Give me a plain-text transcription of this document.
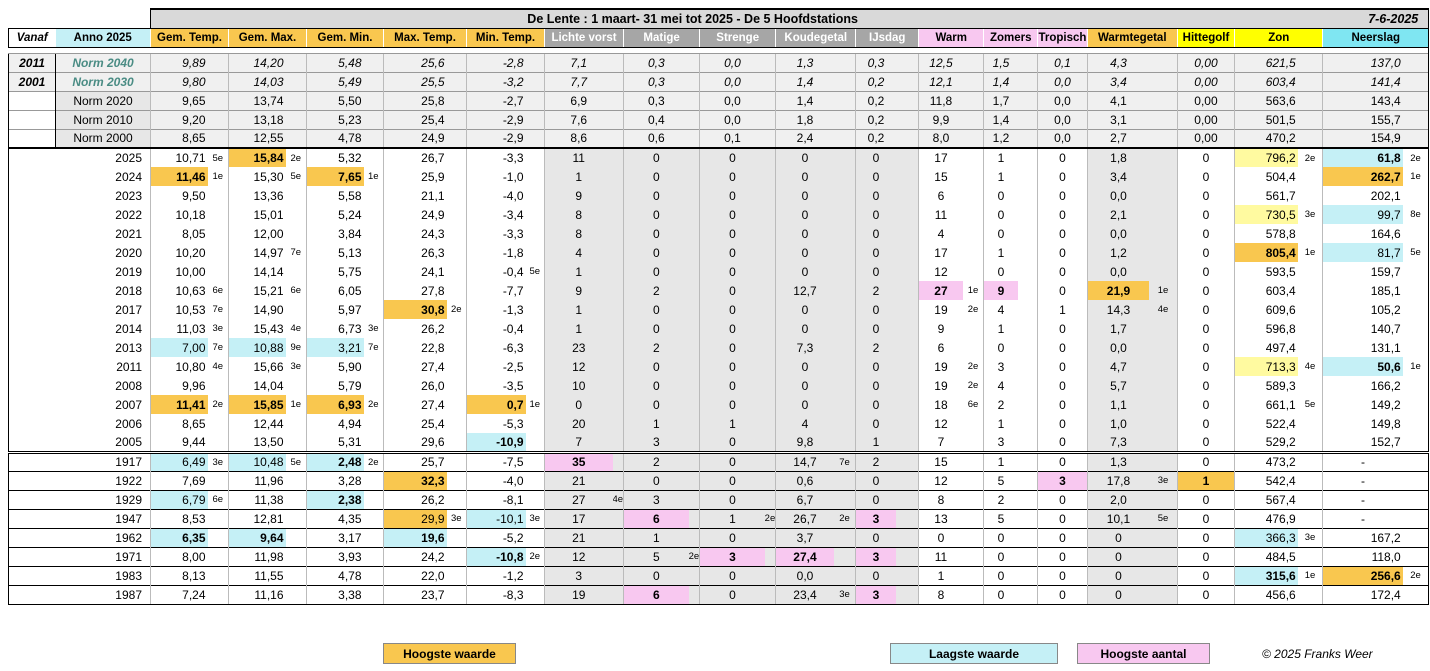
		De Lente : 1 maart- 31 mei tot 2025 - De 5 Hoofdstations																												7-6-2025			
Vanaf	Anno 2025	Gem. Temp.		Gem. Max.		Gem. Min.		Max. Temp.		Min. Temp.		Lichte vorst		Matige		Strenge		Koudegetal		IJsdag		Warm		Zomers		Tropisch	Warmtegetal		Hittegolf	Zon		Neerslag	

2011	Norm 2040	9,89		14,20		5,48		25,6		-2,8		7,1		0,3		0,0		1,3		0,3		12,5		1,5		0,1		4,3		0,00		621,5		137,0	
2001	Norm 2030	9,80		14,03		5,49		25,5		-3,2		7,7		0,3		0,0		1,4		0,2		12,1		1,4		0,0		3,4		0,00		603,4		141,4	
	Norm 2020	9,65		13,74		5,50		25,8		-2,7		6,9		0,3		0,0		1,4		0,2		11,8		1,7		0,0		4,1		0,00		563,6		143,4	
	Norm 2010	9,20		13,18		5,23		25,4		-2,9		7,6		0,4		0,0		1,8		0,2		9,9		1,4		0,0		3,1		0,00		501,5		155,7	
	Norm 2000	8,65		12,55		4,78		24,9		-2,9		8,6		0,6		0,1		2,4		0,2		8,0		1,2		0,0		2,7		0,00		470,2		154,9	
	2025	10,71	5e	15,84	2e	5,32		26,7		-3,3		11		0		0		0		0		17		1		0		1,8		0		796,2	2e	61,8	2e
	2024	11,46	1e	15,30	5e	7,65	1e	25,9		-1,0		1		0		0		0		0		15		1		0		3,4		0		504,4		262,7	1e
	2023	9,50		13,36		5,58		21,1		-4,0		9		0		0		0		0		6		0		0		0,0		0		561,7		202,1	
	2022	10,18		15,01		5,24		24,9		-3,4		8		0		0		0		0		11		0		0		2,1		0		730,5	3e	99,7	8e
	2021	8,05		12,00		3,84		24,3		-3,3		8		0		0		0		0		4		0		0		0,0		0		578,8		164,6	
	2020	10,20		14,97	7e	5,13		26,3		-1,8		4		0		0		0		0		17		1		0		1,2		0		805,4	1e	81,7	5e
	2019	10,00		14,14		5,75		24,1		-0,4	5e	1		0		0		0		0		12		0		0		0,0		0		593,5		159,7	
	2018	10,63	6e	15,21	6e	6,05		27,8		-7,7		9		2		0		12,7		2		27	1e	9		0		21,9	1e	0		603,4		185,1	
	2017	10,53	7e	14,90		5,97		30,8	2e	-1,3		1		0		0		0		0		19	2e	4		1		14,3	4e	0		609,6		105,2	
	2014	11,03	3e	15,43	4e	6,73	3e	26,2		-0,4		1		0		0		0		0		9		1		0		1,7		0		596,8		140,7	
	2013	7,00	7e	10,88	9e	3,21	7e	22,8		-6,3		23		2		0		7,3		2		6		0		0		0,0		0		497,4		131,1	
	2011	10,80	4e	15,66	3e	5,90		27,4		-2,5		12		0		0		0		0		19	2e	3		0		4,7		0		713,3	4e	50,6	1e
	2008	9,96		14,04		5,79		26,0		-3,5		10		0		0		0		0		19	2e	4		0		5,7		0		589,3		166,2	
	2007	11,41	2e	15,85	1e	6,93	2e	27,4		0,7	1e	0		0		0		0		0		18	6e	2		0		1,1		0		661,1	5e	149,2	
	2006	8,65		12,44		4,94		25,4		-5,3		20		1		1		4		0		12		1		0		1,0		0		522,4		149,8	
	2005	9,44		13,50		5,31		29,6		-10,9		7		3		0		9,8		1		7		3		0		7,3		0		529,2		152,7	
	1917	6,49	3e	10,48	5e	2,48	2e	25,7		-7,5		35		2		0		14,7	7e	2		15		1		0		1,3		0		473,2		-	
	1922	7,69		11,96		3,28		32,3		-4,0		21		0		0		0,6		0		12		5		3		17,8	3e	1		542,4		-	
	1929	6,79	6e	11,38		2,38		26,2		-8,1		27	4e	3		0		6,7		0		8		2		0		2,0		0		567,4		-	
	1947	8,53		12,81		4,35		29,9	3e	-10,1	3e	17		6		1	2e	26,7	2e	3		13		5		0		10,1	5e	0		476,9		-	
	1962	6,35		9,64		3,17		19,6		-5,2		21		1		0		3,7		0		0		0		0		0		0		366,3	3e	167,2	
	1971	8,00		11,98		3,93		24,2		-10,8	2e	12		5	2e	3		27,4		3		11		0		0		0		0		484,5		118,0	
	1983	8,13		11,55		4,78		22,0		-1,2		3		0		0		0,0		0		1		0		0		0		0		315,6	1e	256,6	2e
	1987	7,24		11,16		3,38		23,7		-8,3		19		6		0		23,4	3e	3		8		0		0		0		0		456,6		172,4	
Hoogste waarde	Laagste waarde	Hoogste aantal	© 2025 Franks Weer
